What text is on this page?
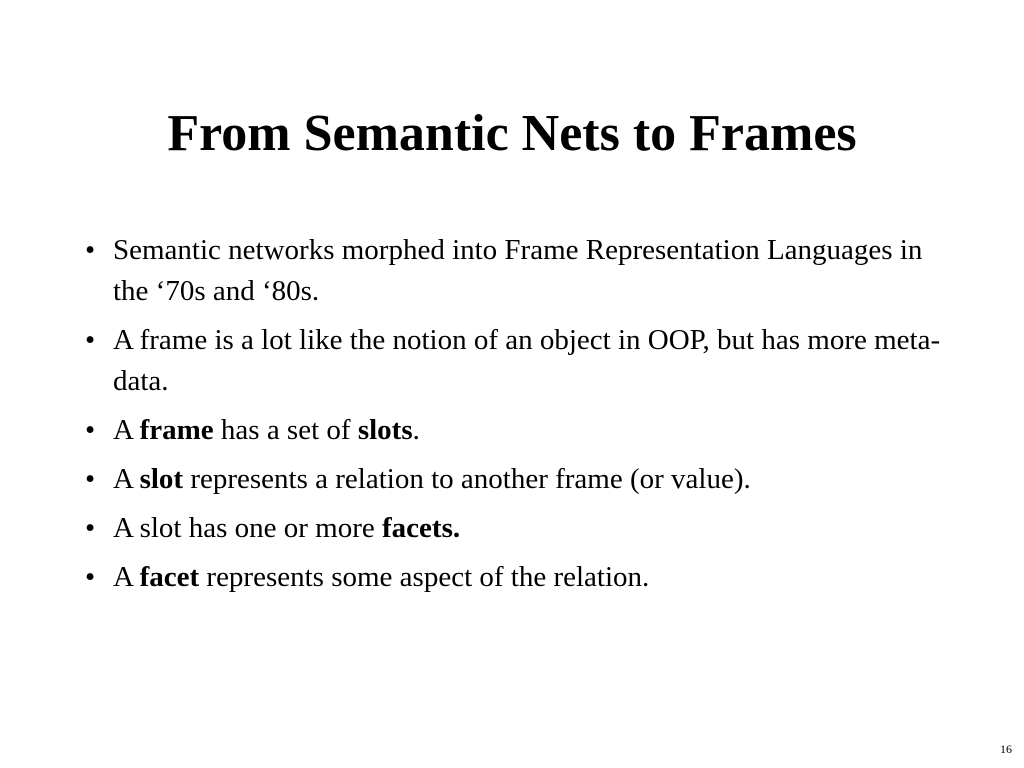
From Semantic Nets to Frames
• Semantic networks morphed into Frame Representation Languages in the ‘70s and ‘80s.
• A frame is a lot like the notion of an object in OOP, but has more meta-data.
• A frame has a set of slots.
• A slot represents a relation to another frame (or value).
• A slot has one or more facets.
• A facet represents some aspect of the relation.
16
